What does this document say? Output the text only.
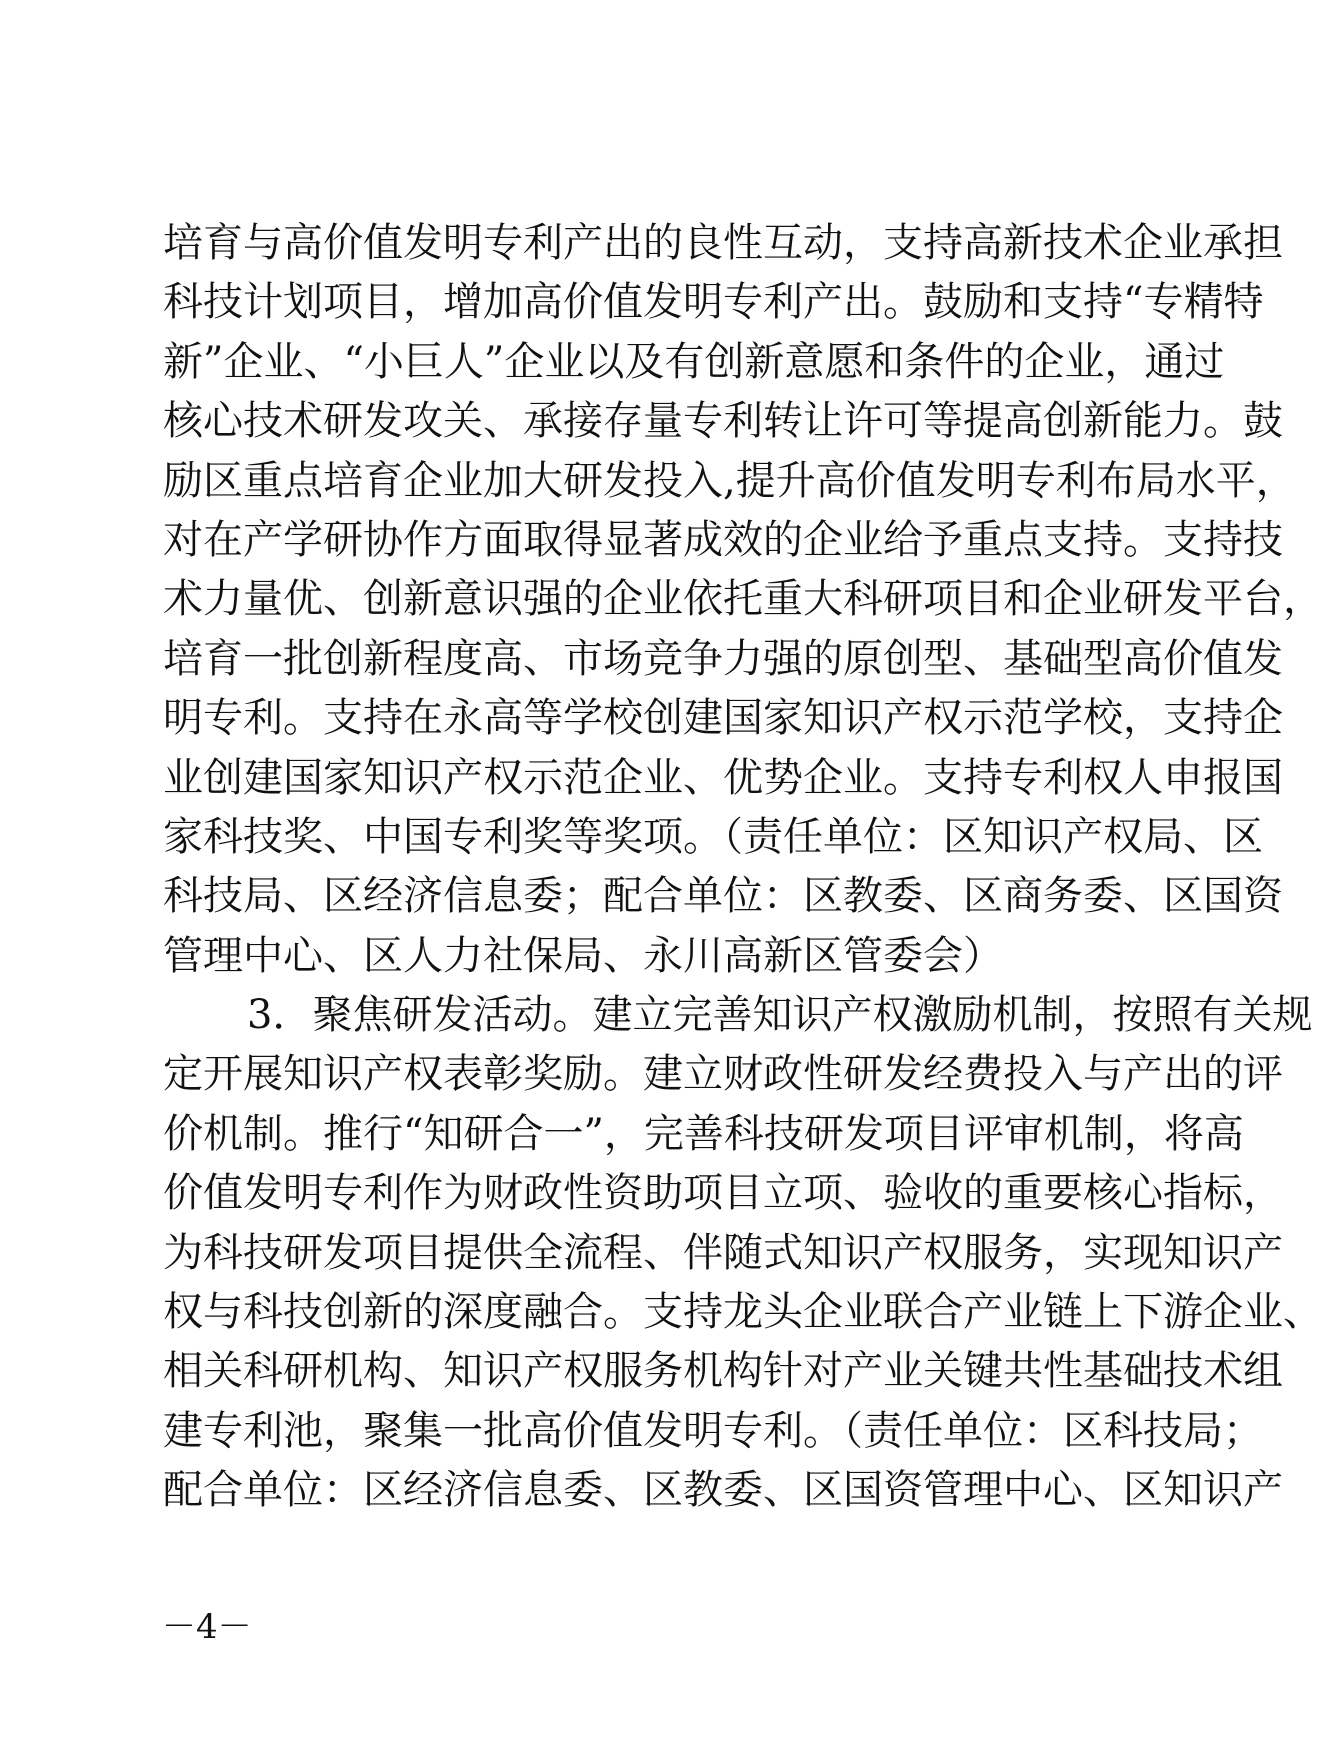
培育与高价值发明专利产出的良性互动，支持高新技术企业承担
科技计划项目，增加高价值发明专利产出。鼓励和支持“专精特
新”企业、“小巨人”企业以及有创新意愿和条件的企业，通过
核心技术研发攻关、承接存量专利转让许可等提高创新能力。鼓
励区重点培育企业加大研发投入,提升高价值发明专利布局水平，
对在产学研协作方面取得显著成效的企业给予重点支持。支持技
术力量优、创新意识强的企业依托重大科研项目和企业研发平台，
培育一批创新程度高、市场竞争力强的原创型、基础型高价值发
明专利。支持在永高等学校创建国家知识产权示范学校，支持企
业创建国家知识产权示范企业、优势企业。支持专利权人申报国
家科技奖、中国专利奖等奖项。（责任单位：区知识产权局、区
科技局、区经济信息委；配合单位：区教委、区商务委、区国资
管理中心、区人力社保局、永川高新区管委会）
3．聚焦研发活动。建立完善知识产权激励机制，按照有关规
定开展知识产权表彰奖励。建立财政性研发经费投入与产出的评
价机制。推行“知研合一”，完善科技研发项目评审机制，将高
价值发明专利作为财政性资助项目立项、验收的重要核心指标，
为科技研发项目提供全流程、伴随式知识产权服务，实现知识产
权与科技创新的深度融合。支持龙头企业联合产业链上下游企业、
相关科研机构、知识产权服务机构针对产业关键共性基础技术组
建专利池，聚集一批高价值发明专利。（责任单位：区科技局；
配合单位：区经济信息委、区教委、区国资管理中心、区知识产
－4－
